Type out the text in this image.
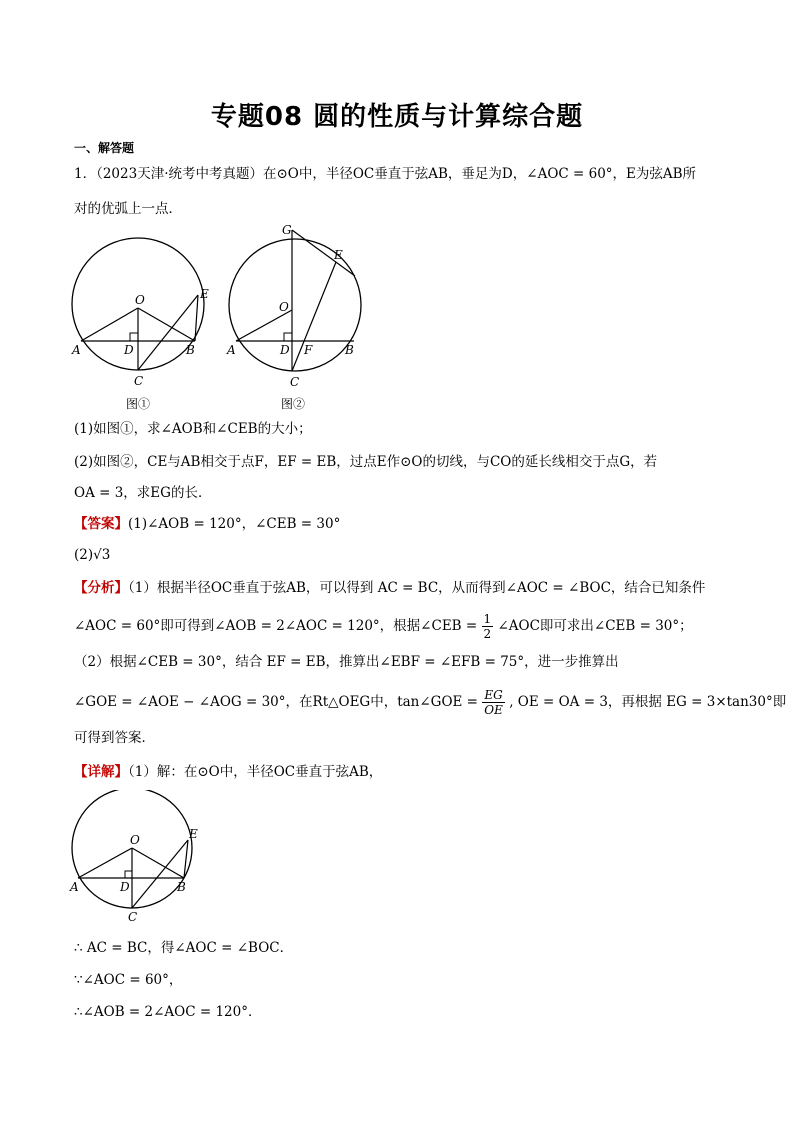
专题08 圆的性质与计算综合题
一、解答题
1．（2023天津·统考中考真题）在⊙O中，半径OC垂直于弦AB，垂足为D，∠AOC = 60°，E为弦AB所
对的优弧上一点．
O	E
A	D	B
C
图①
G
E
O
A	D F	B
C
图②
(1)如图①，求∠AOB和∠CEB的大小；
(2)如图②，CE与AB相交于点F，EF = EB，过点E作⊙O的切线，与CO的延长线相交于点G，若
OA = 3，求EG的长．
【答案】(1)∠AOB = 120°，∠CEB = 30°
(2)√3
【分析】（1）根据半径OC垂直于弦AB，可以得到 AC = BC，从而得到∠AOC = ∠BOC，结合已知条件
∠AOC = 60°即可得到∠AOB = 2∠AOC = 120°，根据∠CEB = $\frac{1}{2}$ ∠AOC即可求出∠CEB = 30°；
（2）根据∠CEB = 30°，结合 EF = EB，推算出∠EBF = ∠EFB = 75°，进一步推算出
∠GOE = ∠AOE − ∠AOG = 30°，在Rt△OEG中，tan∠GOE = $\frac{EG}{OE}$ , OE = OA = 3，再根据 EG = 3×tan30°即
可得到答案．
【详解】（1）解：在⊙O中，半径OC垂直于弦AB，
O	E
A	D	B
C
∴ AC = BC，得∠AOC = ∠BOC．
∵∠AOC = 60°，
∴∠AOB = 2∠AOC = 120°．
